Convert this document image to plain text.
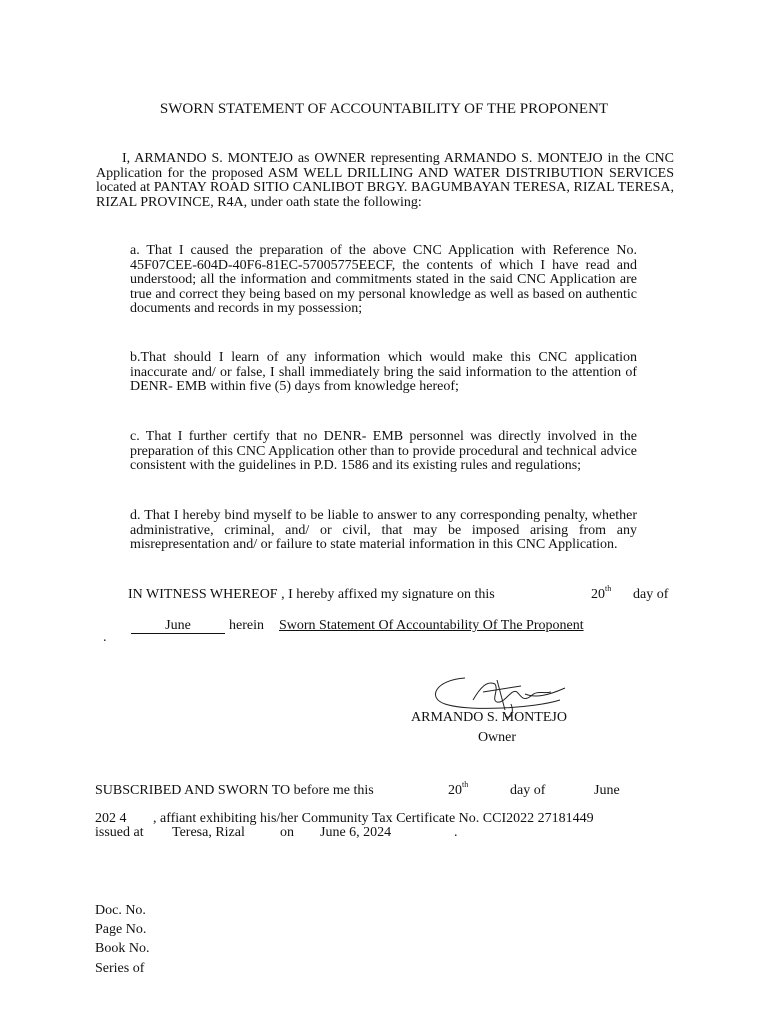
SWORN STATEMENT OF ACCOUNTABILITY OF THE PROPONENT
I, ARMANDO S. MONTEJO as OWNER representing ARMANDO S. MONTEJO in the CNC Application for the proposed ASM WELL DRILLING AND WATER DISTRIBUTION SERVICES located at PANTAY ROAD SITIO CANLIBOT BRGY. BAGUMBAYAN TERESA, RIZAL TERESA, RIZAL PROVINCE, R4A, under oath state the following:
a. That I caused the preparation of the above CNC Application with Reference No. 45F07CEE-604D-40F6-81EC-57005775EECF, the contents of which I have read and understood; all the information and commitments stated in the said CNC Application are true and correct they being based on my personal knowledge as well as based on authentic documents and records in my possession;
b.That should I learn of any information which would make this CNC application inaccurate and/ or false, I shall immediately bring the said information to the attention of DENR- EMB within five (5) days from knowledge hereof;
c. That I further certify that no DENR- EMB personnel was directly involved in the preparation of this CNC Application other than to provide procedural and technical advice consistent with the guidelines in P.D. 1586 and its existing rules and regulations;
d. That I hereby bind myself to be liable to answer to any corresponding penalty, whether administrative, criminal, and/ or civil, that may be imposed arising from any misrepresentation and/ or failure to state material information in this CNC Application.
IN WITNESS WHEREOF , I hereby affixed my signature on this	20th day of
June	herein Sworn Statement Of Accountability Of The Proponent
.
ARMANDO S. MONTEJO
Owner
SUBSCRIBED AND SWORN TO before me this	20th	day of	June
202 4 , affiant exhibiting his/her Community Tax Certificate No. CCI2022 27181449
issued at Teresa, Rizal	on June 6, 2024	.
Doc. No.
Page No.
Book No.
Series of
